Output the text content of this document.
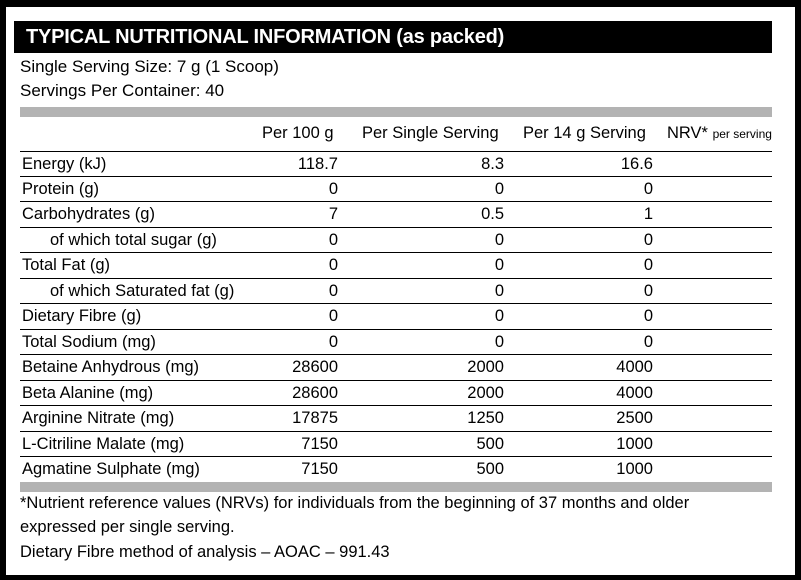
TYPICAL NUTRITIONAL INFORMATION (as packed)
Single Serving Size: 7 g (1 Scoop)
Servings Per Container: 40
Per 100 g Per Single Serving Per 14 g Serving NRV* per serving
Energy (kJ)	118.7	8.3	16.6
Protein (g)	0	0	0
Carbohydrates (g)	7	0.5	1
of which total sugar (g)	0	0	0
Total Fat (g)	0	0	0
of which Saturated fat (g)	0	0	0
Dietary Fibre (g)	0	0	0
Total Sodium (mg)	0	0	0
Betaine Anhydrous (mg)	28600	2000	4000
Beta Alanine (mg)	28600	2000	4000
Arginine Nitrate (mg)	17875	1250	2500
L-Citriline Malate (mg)	7150	500	1000
Agmatine Sulphate (mg)	7150	500	1000
*Nutrient reference values (NRVs) for individuals from the beginning of 37 months and older
expressed per single serving.
Dietary Fibre method of analysis – AOAC – 991.43
